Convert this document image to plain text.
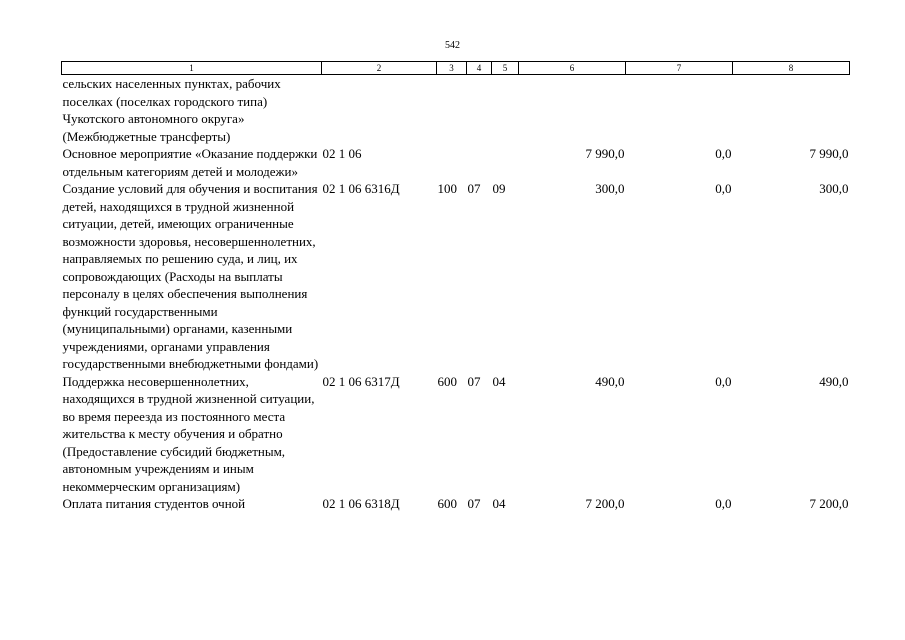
542
1	2	3	4	5	6	7	8
сельских населенных пунктах, рабочих поселках (поселках городского типа) Чукотского автономного округа» (Межбюджетные трансферты)							
Основное мероприятие «Оказание поддержки отдельным категориям детей и молодежи»	02 1 06				7 990,0	0,0	7 990,0
Создание условий для обучения и воспитания детей, находящихся в трудной жизненной ситуации, детей, имеющих ограниченные возможности здоровья, несовершеннолетних, направляемых по решению суда, и лиц, их сопровождающих (Расходы на выплаты персоналу в целях обеспечения выполнения функций государственными (муниципальными) органами, казенными учреждениями, органами управления государственными внебюджетными фондами)	02 1 06 6316Д	100	07	09	300,0	0,0	300,0
Поддержка несовершеннолетних, находящихся в трудной жизненной ситуации, во время переезда из постоянного места жительства к месту обучения и обратно (Предоставление субсидий бюджетным, автономным учреждениям и иным некоммерческим организациям)	02 1 06 6317Д	600	07	04	490,0	0,0	490,0
Оплата питания студентов очной	02 1 06 6318Д	600	07	04	7 200,0	0,0	7 200,0
